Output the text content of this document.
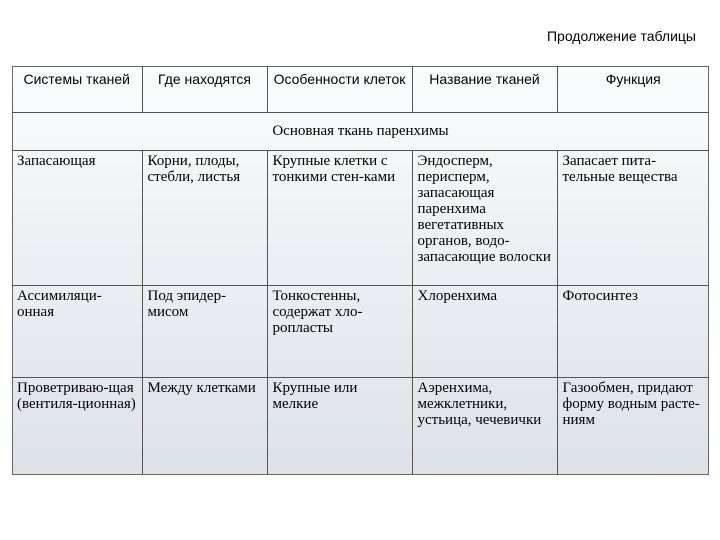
Продолжение таблицы
Системы тканей	Где находятся	Особенности клеток	Название тканей	Функция
Основная ткань паренхимы				
Запасающая	Корни, плоды, стебли, листья	Крупные клетки с тонкими стен-ками	Эндосперм, перисперм, запасающая паренхима вегетативных органов, водо-запасающие волоски	Запасает пита-тельные вещества
Ассимиляци-онная	Под эпидер-мисом	Тонкостенны, содержат хло-ропласты	Хлоренхима	Фотосинтез
Проветриваю-щая (вентиля-ционная)	Между клетками	Крупные или мелкие	Аэренхима, межклетники, устьица, чечевички	Газообмен, придают форму водным расте-ниям
